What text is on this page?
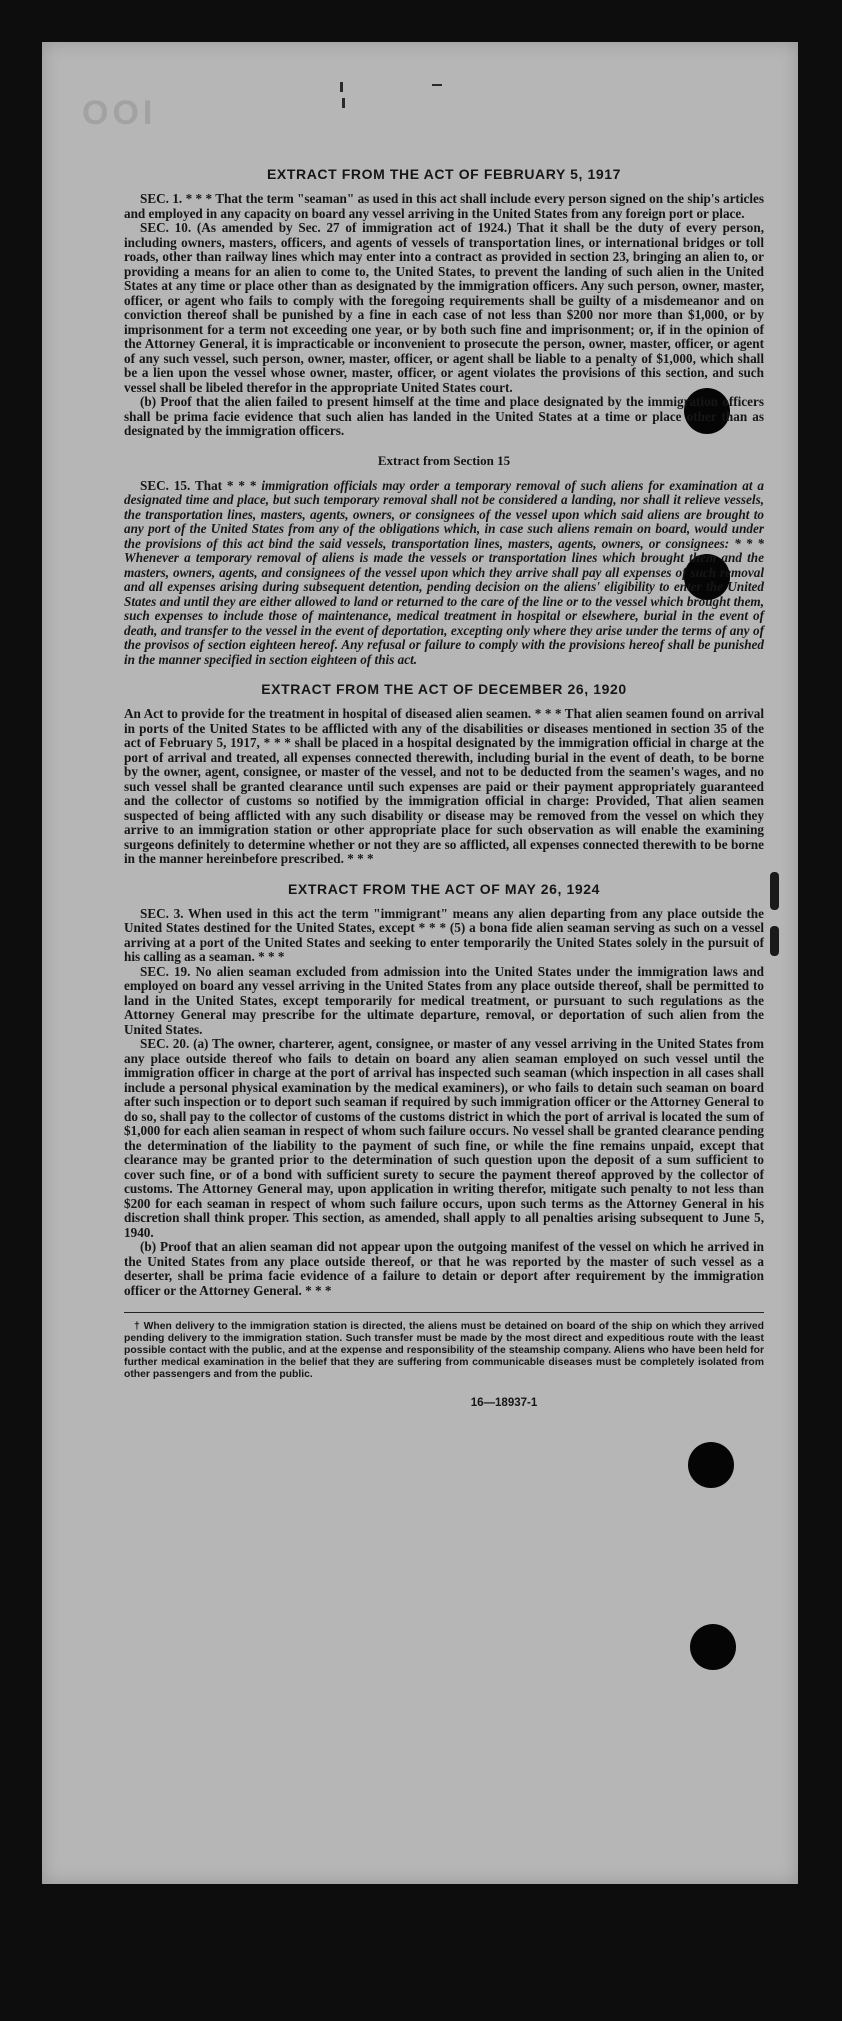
OOI
EXTRACT FROM THE ACT OF FEBRUARY 5, 1917

SEC. 1. * * * That the term "seaman" as used in this act shall include every person signed on the ship's articles and employed in any capacity on board any vessel arriving in the United States from any foreign port or place.

SEC. 10. (As amended by Sec. 27 of immigration act of 1924.) That it shall be the duty of every person, including owners, masters, officers, and agents of vessels of transportation lines, or international bridges or toll roads, other than railway lines which may enter into a contract as provided in section 23, bringing an alien to, or providing a means for an alien to come to, the United States, to prevent the landing of such alien in the United States at any time or place other than as designated by the immigration officers. Any such person, owner, master, officer, or agent who fails to comply with the foregoing requirements shall be guilty of a misdemeanor and on conviction thereof shall be punished by a fine in each case of not less than $200 nor more than $1,000, or by imprisonment for a term not exceeding one year, or by both such fine and imprisonment; or, if in the opinion of the Attorney General, it is impracticable or inconvenient to prosecute the person, owner, master, officer, or agent of any such vessel, such person, owner, master, officer, or agent shall be liable to a penalty of $1,000, which shall be a lien upon the vessel whose owner, master, officer, or agent violates the provisions of this section, and such vessel shall be libeled therefor in the appropriate United States court.

(b) Proof that the alien failed to present himself at the time and place designated by the immigration officers shall be prima facie evidence that such alien has landed in the United States at a time or place other than as designated by the immigration officers.

Extract from Section 15

SEC. 15. That * * * immigration officials may order a temporary removal of such aliens for examination at a designated time and place, but such temporary removal shall not be considered a landing, nor shall it relieve vessels, the transportation lines, masters, agents, owners, or consignees of the vessel upon which said aliens are brought to any port of the United States from any of the obligations which, in case such aliens remain on board, would under the provisions of this act bind the said vessels, transportation lines, masters, agents, owners, or consignees: * * * Whenever a temporary removal of aliens is made the vessels or transportation lines which brought them and the masters, owners, agents, and consignees of the vessel upon which they arrive shall pay all expenses of such removal and all expenses arising during subsequent detention, pending decision on the aliens' eligibility to enter the United States and until they are either allowed to land or returned to the care of the line or to the vessel which brought them, such expenses to include those of maintenance, medical treatment in hospital or elsewhere, burial in the event of death, and transfer to the vessel in the event of deportation, excepting only where they arise under the terms of any of the provisos of section eighteen hereof. Any refusal or failure to comply with the provisions hereof shall be punished in the manner specified in section eighteen of this act.

EXTRACT FROM THE ACT OF DECEMBER 26, 1920

An Act to provide for the treatment in hospital of diseased alien seamen. * * * That alien seamen found on arrival in ports of the United States to be afflicted with any of the disabilities or diseases mentioned in section 35 of the act of February 5, 1917, * * * shall be placed in a hospital designated by the immigration official in charge at the port of arrival and treated, all expenses connected therewith, including burial in the event of death, to be borne by the owner, agent, consignee, or master of the vessel, and not to be deducted from the seamen's wages, and no such vessel shall be granted clearance until such expenses are paid or their payment appropriately guaranteed and the collector of customs so notified by the immigration official in charge: Provided, That alien seamen suspected of being afflicted with any such disability or disease may be removed from the vessel on which they arrive to an immigration station or other appropriate place for such observation as will enable the examining surgeons definitely to determine whether or not they are so afflicted, all expenses connected therewith to be borne in the manner hereinbefore prescribed. * * *

EXTRACT FROM THE ACT OF MAY 26, 1924

SEC. 3. When used in this act the term "immigrant" means any alien departing from any place outside the United States destined for the United States, except * * * (5) a bona fide alien seaman serving as such on a vessel arriving at a port of the United States and seeking to enter temporarily the United States solely in the pursuit of his calling as a seaman. * * *

SEC. 19. No alien seaman excluded from admission into the United States under the immigration laws and employed on board any vessel arriving in the United States from any place outside thereof, shall be permitted to land in the United States, except temporarily for medical treatment, or pursuant to such regulations as the Attorney General may prescribe for the ultimate departure, removal, or deportation of such alien from the United States.

SEC. 20. (a) The owner, charterer, agent, consignee, or master of any vessel arriving in the United States from any place outside thereof who fails to detain on board any alien seaman employed on such vessel until the immigration officer in charge at the port of arrival has inspected such seaman (which inspection in all cases shall include a personal physical examination by the medical examiners), or who fails to detain such seaman on board after such inspection or to deport such seaman if required by such immigration officer or the Attorney General to do so, shall pay to the collector of customs of the customs district in which the port of arrival is located the sum of $1,000 for each alien seaman in respect of whom such failure occurs. No vessel shall be granted clearance pending the determination of the liability to the payment of such fine, or while the fine remains unpaid, except that clearance may be granted prior to the determination of such question upon the deposit of a sum sufficient to cover such fine, or of a bond with sufficient surety to secure the payment thereof approved by the collector of customs. The Attorney General may, upon application in writing therefor, mitigate such penalty to not less than $200 for each seaman in respect of whom such failure occurs, upon such terms as the Attorney General in his discretion shall think proper. This section, as amended, shall apply to all penalties arising subsequent to June 5, 1940.

(b) Proof that an alien seaman did not appear upon the outgoing manifest of the vessel on which he arrived in the United States from any place outside thereof, or that he was reported by the master of such vessel as a deserter, shall be prima facie evidence of a failure to detain or deport after requirement by the immigration officer or the Attorney General. * * *

† When delivery to the immigration station is directed, the aliens must be detained on board of the ship on which they arrived pending delivery to the immigration station. Such transfer must be made by the most direct and expeditious route with the least possible contact with the public, and at the expense and responsibility of the steamship company. Aliens who have been held for further medical examination in the belief that they are suffering from communicable diseases must be completely isolated from other passengers and from the public.

16—18937-1
